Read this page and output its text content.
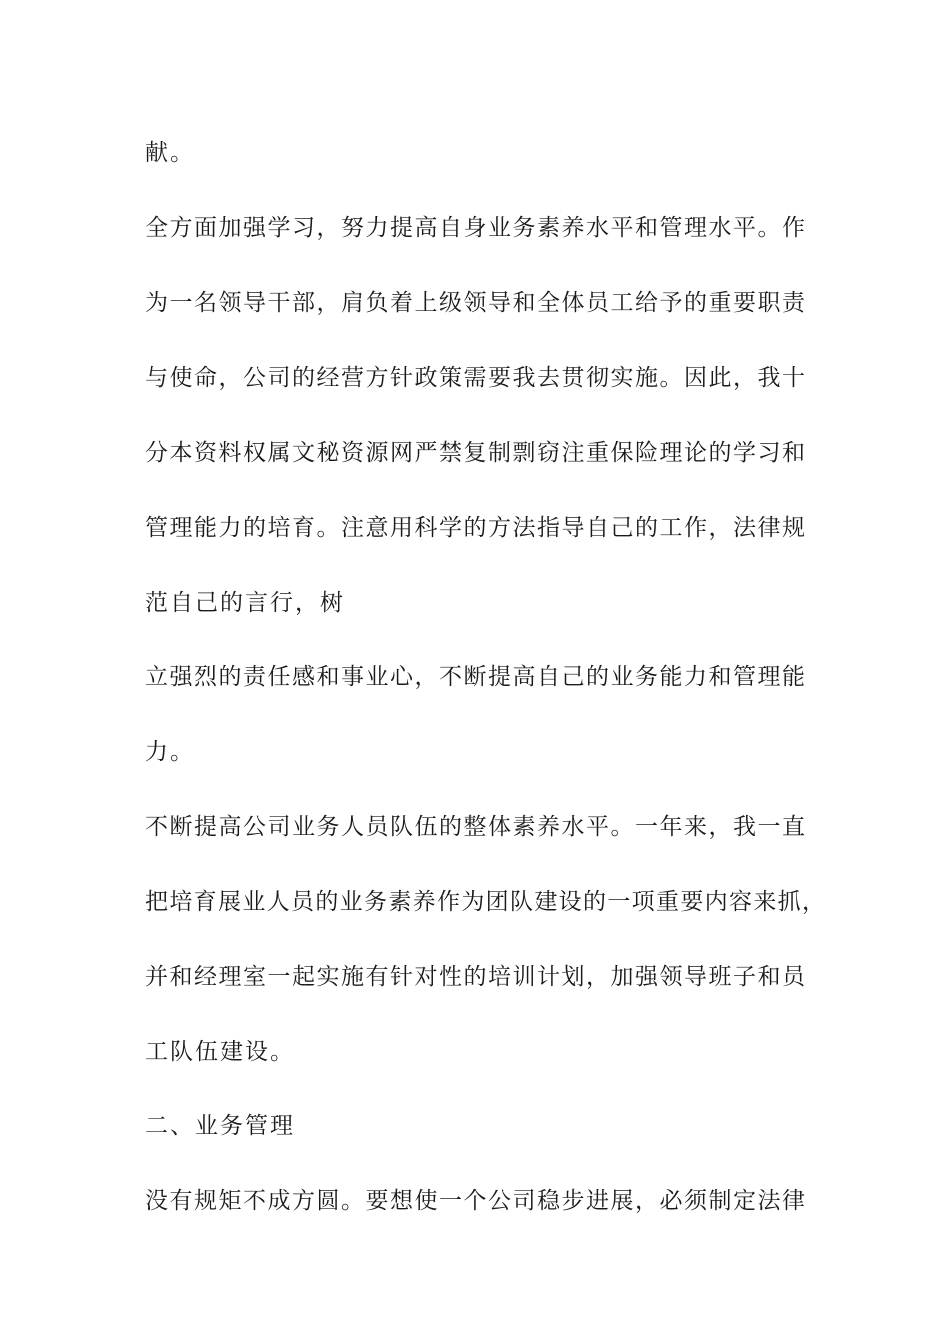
献。
全方面加强学习，努力提高自身业务素养水平和管理水平。作
为一名领导干部，肩负着上级领导和全体员工给予的重要职责
与使命，公司的经营方针政策需要我去贯彻实施。因此，我十
分本资料权属文秘资源网严禁复制剽窃注重保险理论的学习和
管理能力的培育。注意用科学的方法指导自己的工作，法律规
范自己的言行，树
立强烈的责任感和事业心，不断提高自己的业务能力和管理能
力。
不断提高公司业务人员队伍的整体素养水平。一年来，我一直
把培育展业人员的业务素养作为团队建设的一项重要内容来抓，
并和经理室一起实施有针对性的培训计划，加强领导班子和员
工队伍建设。
二、业务管理
没有规矩不成方圆。要想使一个公司稳步进展，必须制定法律
